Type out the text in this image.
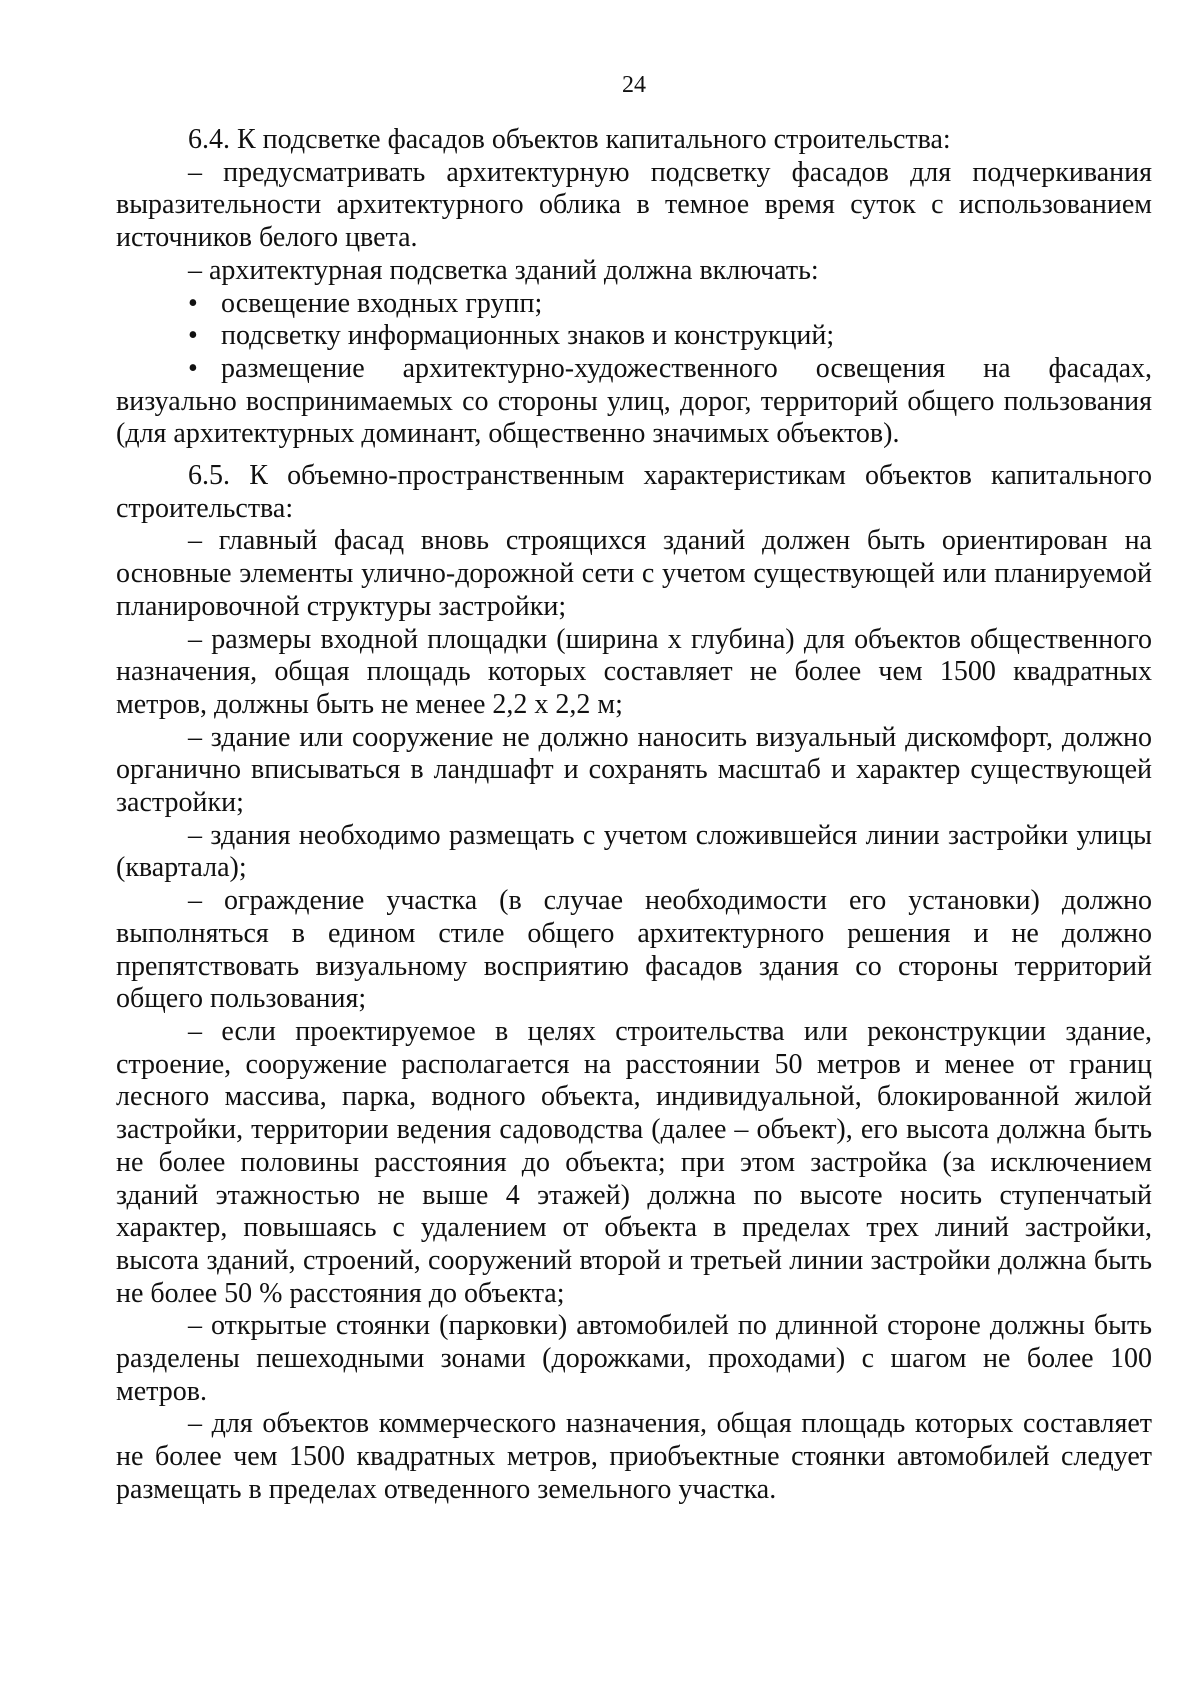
24

6.4. К подсветке фасадов объектов капитального строительства:

– предусматривать архитектурную подсветку фасадов для подчеркивания выразительности архитектурного облика в темное время суток с использованием источников белого цвета.

– архитектурная подсветка зданий должна включать:

• освещение входных групп;

• подсветку информационных знаков и конструкций;

• размещение архитектурно-художественного освещения на фасадах, визуально воспринимаемых со стороны улиц, дорог, территорий общего пользования (для архитектурных доминант, общественно значимых объектов).

6.5. К объемно-пространственным характеристикам объектов капитального строительства:

– главный фасад вновь строящихся зданий должен быть ориентирован на основные элементы улично-дорожной сети с учетом существующей или планируемой планировочной структуры застройки;

– размеры входной площадки (ширина х глубина) для объектов общественного назначения, общая площадь которых составляет не более чем 1500 квадратных метров, должны быть не менее 2,2 х 2,2 м;

– здание или сооружение не должно наносить визуальный дискомфорт, должно органично вписываться в ландшафт и сохранять масштаб и характер существующей застройки;

– здания необходимо размещать с учетом сложившейся линии застройки улицы (квартала);

– ограждение участка (в случае необходимости его установки) должно выполняться в едином стиле общего архитектурного решения и не должно препятствовать визуальному восприятию фасадов здания со стороны территорий общего пользования;

– если проектируемое в целях строительства или реконструкции здание, строение, сооружение располагается на расстоянии 50 метров и менее от границ лесного массива, парка, водного объекта, индивидуальной, блокированной жилой застройки, территории ведения садоводства (далее – объект), его высота должна быть не более половины расстояния до объекта; при этом застройка (за исключением зданий этажностью не выше 4 этажей) должна по высоте носить ступенчатый характер, повышаясь с удалением от объекта в пределах трех линий застройки, высота зданий, строений, сооружений второй и третьей линии застройки должна быть не более 50 % расстояния до объекта;

– открытые стоянки (парковки) автомобилей по длинной стороне должны быть разделены пешеходными зонами (дорожками, проходами) с шагом не более 100 метров.

– для объектов коммерческого назначения, общая площадь которых составляет не более чем 1500 квадратных метров, приобъектные стоянки автомобилей следует размещать в пределах отведенного земельного участка.
